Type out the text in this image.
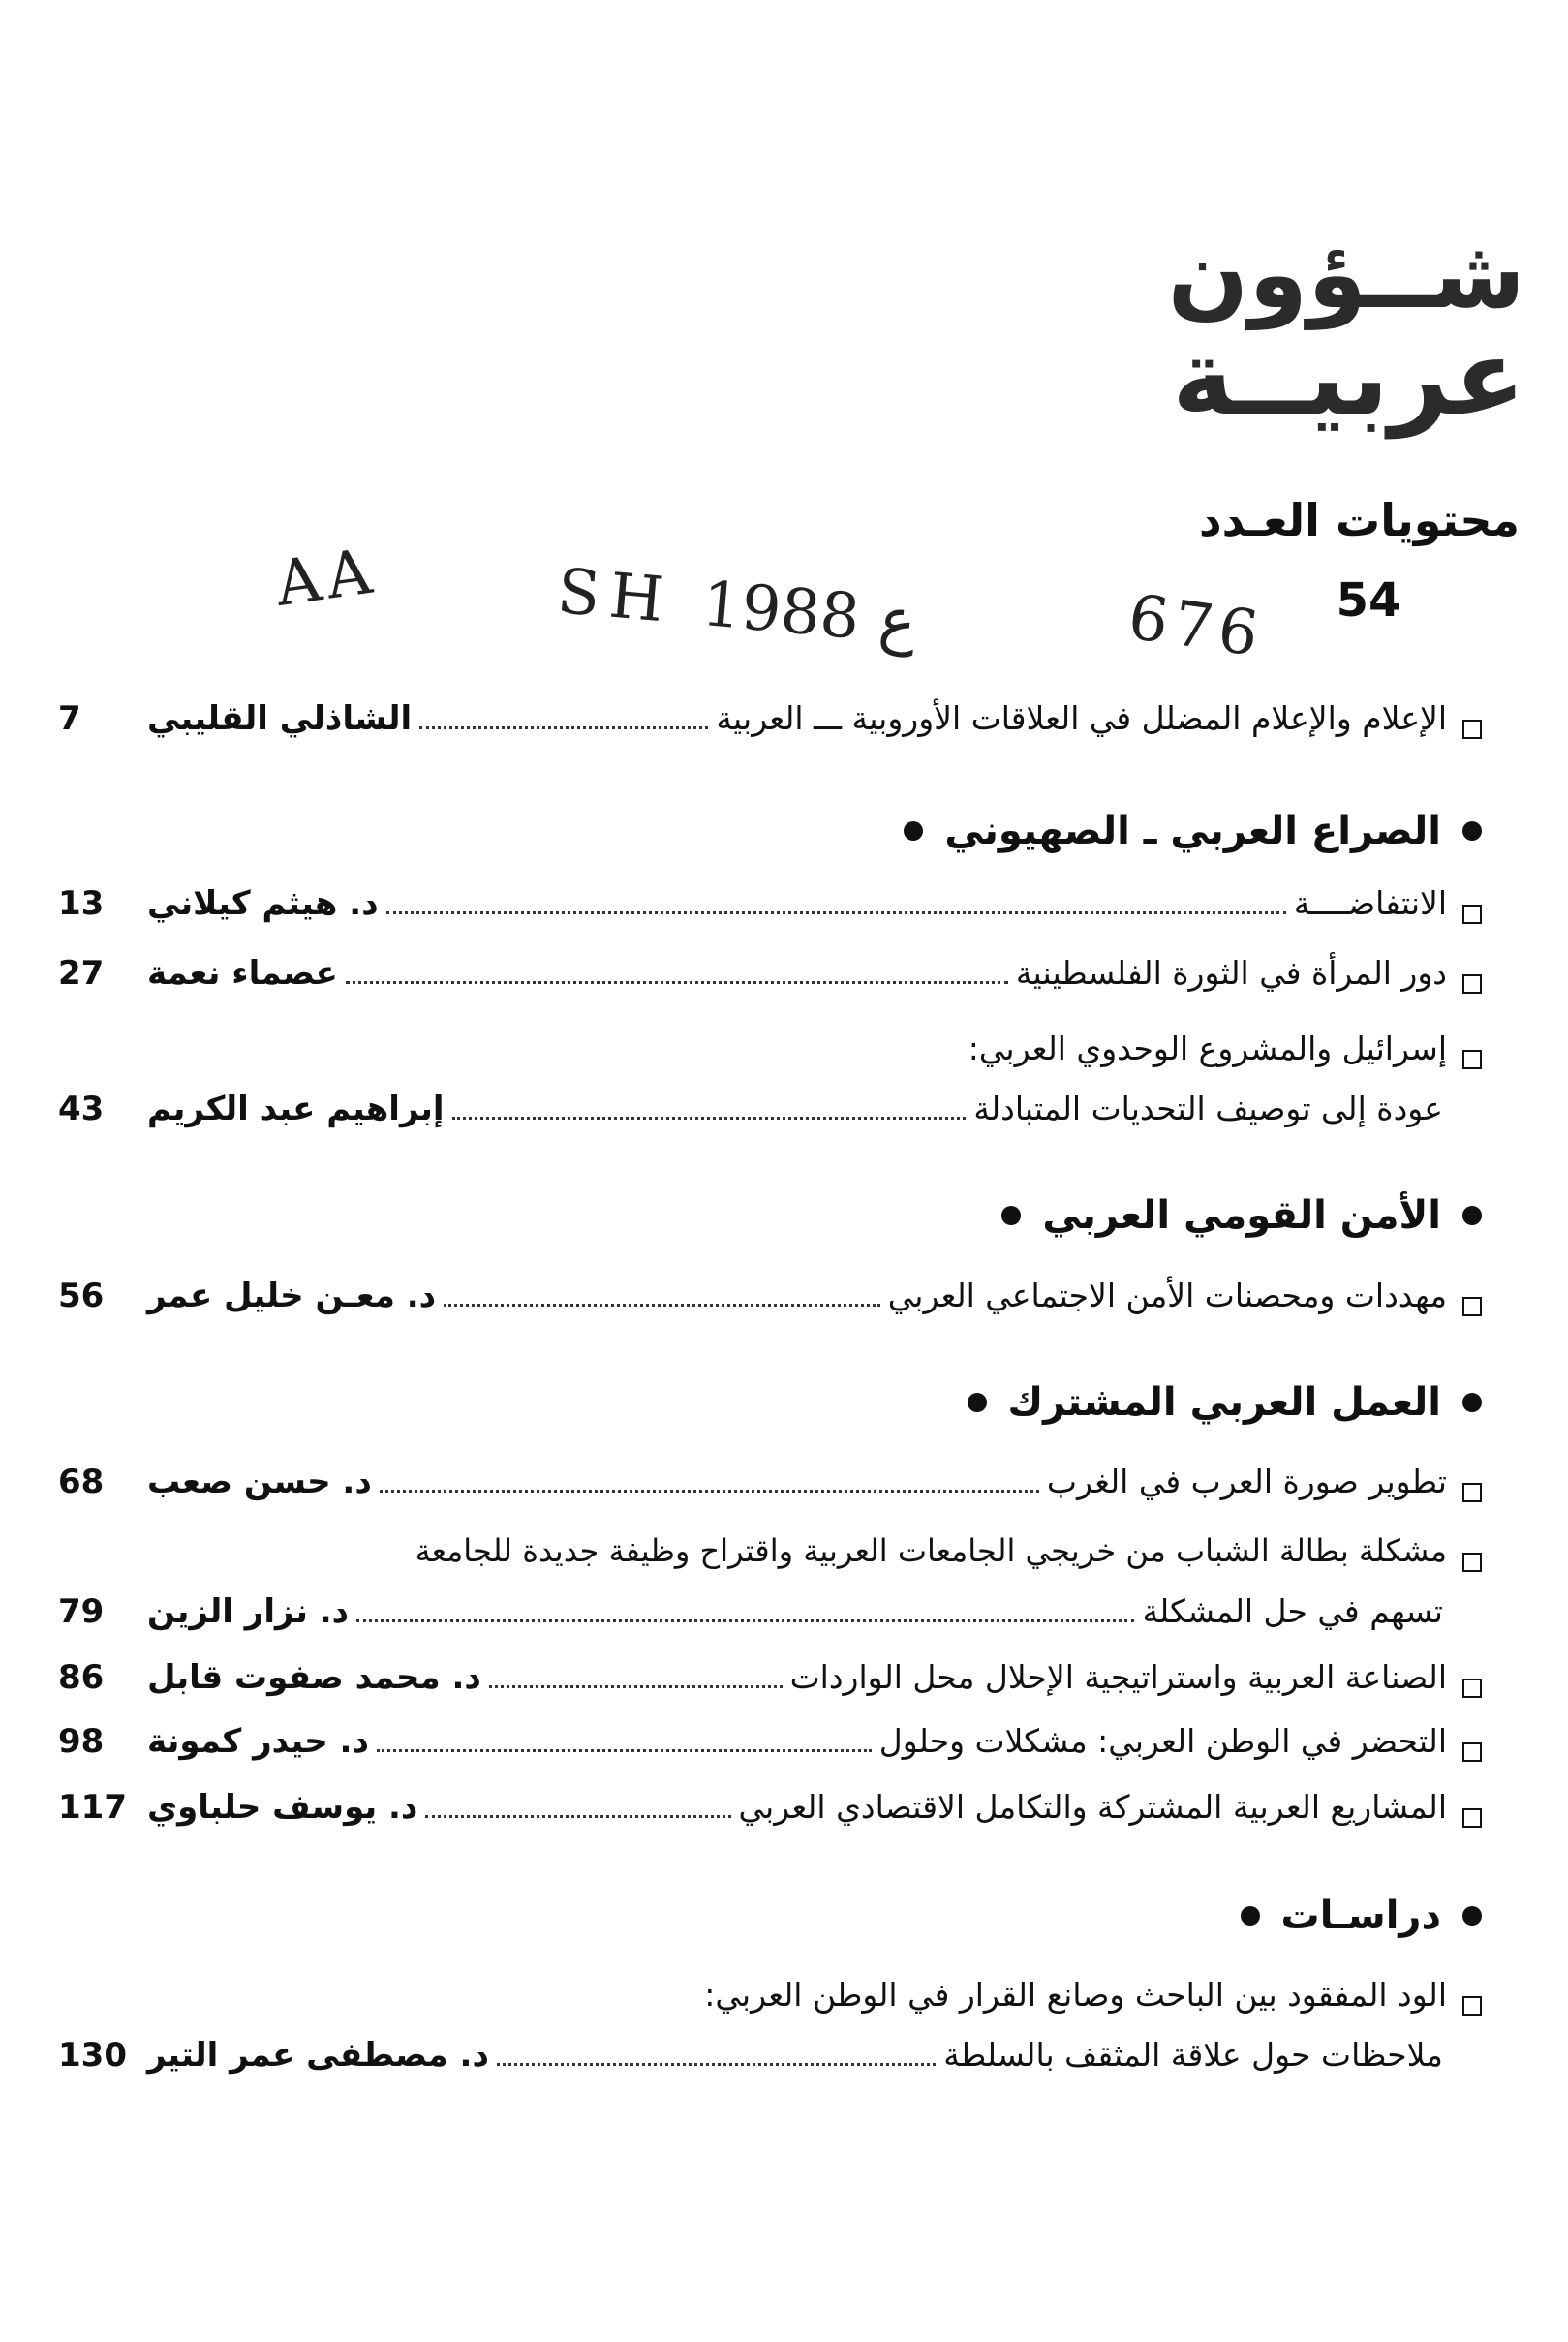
شــؤون
عربيــة
محتويات العـدد
54
AA	SH ع 1988	676
الإعلام والإعلام المضلل في العلاقات الأوروبية ـــ العربية
الشاذلي القليبي
7
الصراع العربي ـ الصهيوني
الانتفاضــــة
د. هيثم كيلاني
13
دور المرأة في الثورة الفلسطينية
عصماء نعمة
27
إسرائيل والمشروع الوحدوي العربي:
عودة إلى توصيف التحديات المتبادلة
إبراهيم عبد الكريم
43
الأمن القومي العربي
مهددات ومحصنات الأمن الاجتماعي العربي
د. معـن خليل عمر
56
العمل العربي المشترك
تطوير صورة العرب في الغرب
د. حسن صعب
68
مشكلة بطالة الشباب من خريجي الجامعات العربية واقتراح وظيفة جديدة للجامعة
تسهم في حل المشكلة
د. نزار الزين
79
الصناعة العربية واستراتيجية الإحلال محل الواردات
د. محمد صفوت قابل
86
التحضر في الوطن العربي: مشكلات وحلول
د. حيدر كمونة
98
المشاريع العربية المشتركة والتكامل الاقتصادي العربي
د. يوسف حلباوي
117
دراسـات
الود المفقود بين الباحث وصانع القرار في الوطن العربي:
ملاحظات حول علاقة المثقف بالسلطة
د. مصطفى عمر التير
130
